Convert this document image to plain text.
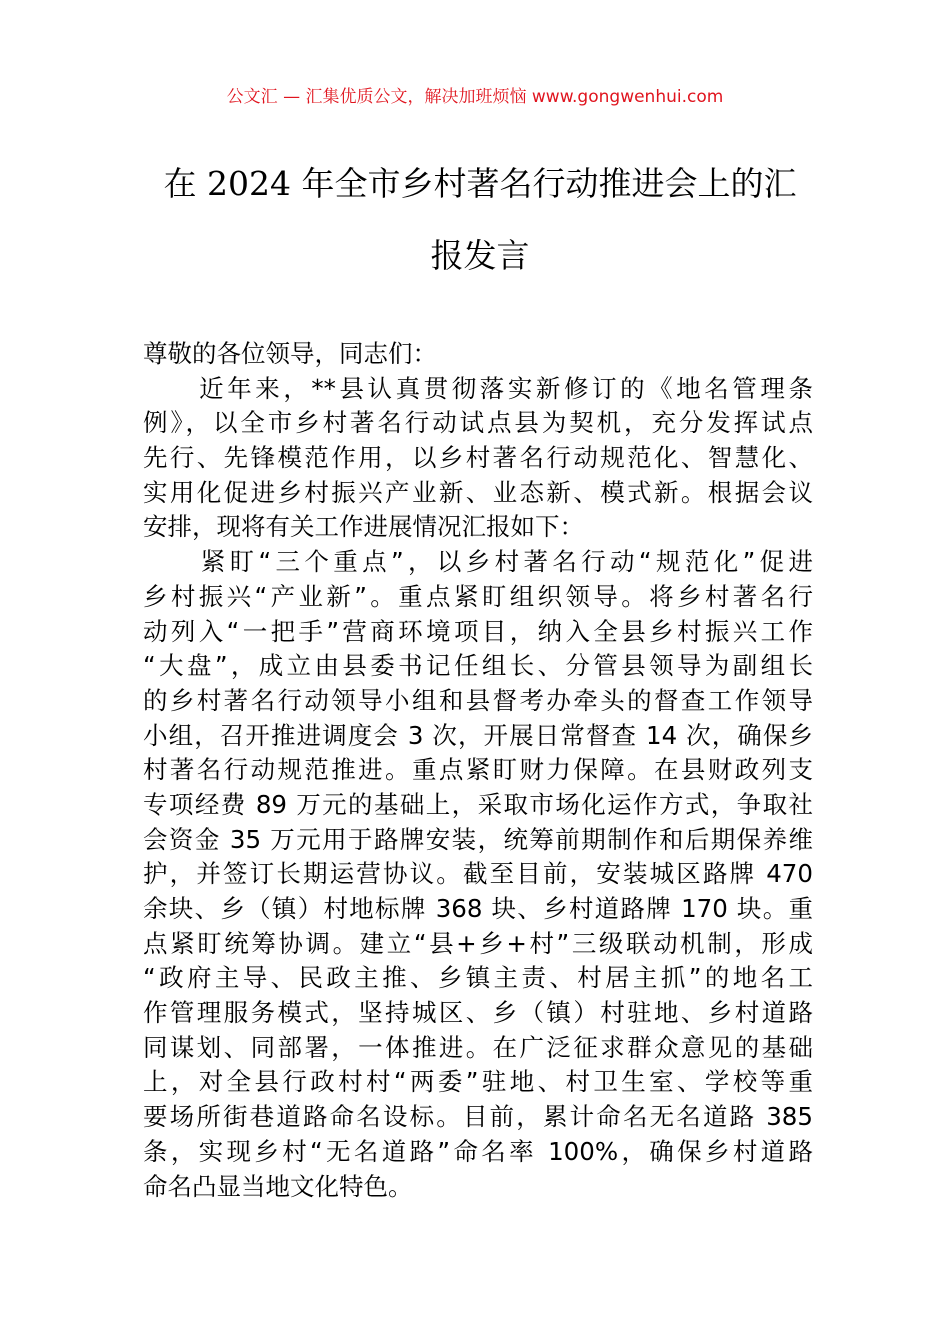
公文汇 — 汇集优质公文，解决加班烦恼 www.gongwenhui.com
在 2024 年全市乡村著名行动推进会上的汇
报发言
尊敬的各位领导，同志们：
　　近年来，**县认真贯彻落实新修订的《地名管理条
例》，以全市乡村著名行动试点县为契机，充分发挥试点
先行、先锋模范作用，以乡村著名行动规范化、智慧化、
实用化促进乡村振兴产业新、业态新、模式新。根据会议
安排，现将有关工作进展情况汇报如下：
　　紧盯“三个重点”，以乡村著名行动“规范化”促进
乡村振兴“产业新”。重点紧盯组织领导。将乡村著名行
动列入“一把手”营商环境项目，纳入全县乡村振兴工作
“大盘”，成立由县委书记任组长、分管县领导为副组长
的乡村著名行动领导小组和县督考办牵头的督查工作领导
小组，召开推进调度会 3 次，开展日常督查 14 次，确保乡
村著名行动规范推进。重点紧盯财力保障。在县财政列支
专项经费 89 万元的基础上，采取市场化运作方式，争取社
会资金 35 万元用于路牌安装，统筹前期制作和后期保养维
护，并签订长期运营协议。截至目前，安装城区路牌 470
余块、乡（镇）村地标牌 368 块、乡村道路牌 170 块。重
点紧盯统筹协调。建立“县+乡+村”三级联动机制，形成
“政府主导、民政主推、乡镇主责、村居主抓”的地名工
作管理服务模式，坚持城区、乡（镇）村驻地、乡村道路
同谋划、同部署，一体推进。在广泛征求群众意见的基础
上，对全县行政村村“两委”驻地、村卫生室、学校等重
要场所街巷道路命名设标。目前，累计命名无名道路 385
条，实现乡村“无名道路”命名率 100%，确保乡村道路
命名凸显当地文化特色。
